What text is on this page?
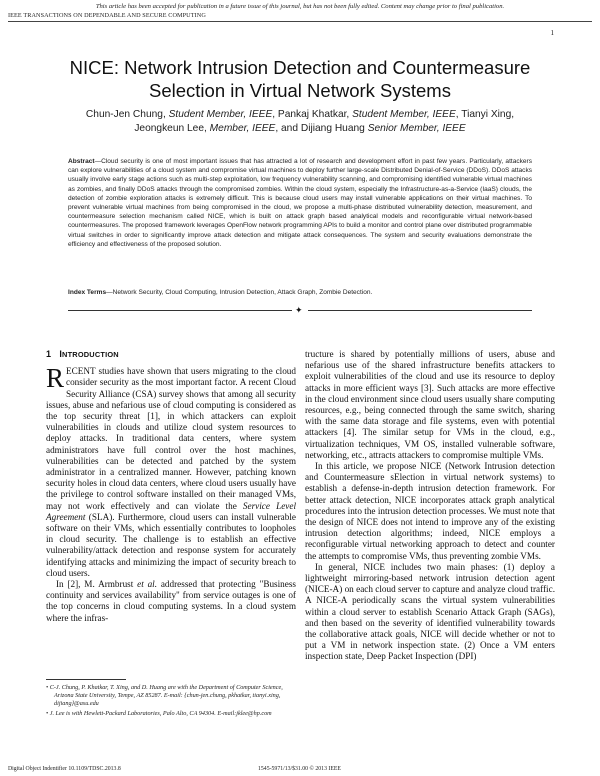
This article has been accepted for publication in a future issue of this journal, but has not been fully edited. Content may change prior to final publication.
IEEE TRANSACTIONS ON DEPENDABLE AND SECURE COMPUTING
1
NICE: Network Intrusion Detection and Countermeasure
Selection in Virtual Network Systems
Chun-Jen Chung, Student Member, IEEE, Pankaj Khatkar, Student Member, IEEE, Tianyi Xing,
Jeongkeun Lee, Member, IEEE, and Dijiang Huang Senior Member, IEEE
Abstract—Cloud security is one of most important issues that has attracted a lot of research and development effort in past few years. Particularly, attackers can explore vulnerabilities of a cloud system and compromise virtual machines to deploy further large-scale Distributed Denial-of-Service (DDoS). DDoS attacks usually involve early stage actions such as multi-step exploitation, low frequency vulnerability scanning, and compromising identified vulnerable virtual machines as zombies, and finally DDoS attacks through the compromised zombies. Within the cloud system, especially the Infrastructure-as-a-Service (IaaS) clouds, the detection of zombie exploration attacks is extremely difficult. This is because cloud users may install vulnerable applications on their virtual machines. To prevent vulnerable virtual machines from being compromised in the cloud, we propose a multi-phase distributed vulnerability detection, measurement, and countermeasure selection mechanism called NICE, which is built on attack graph based analytical models and reconfigurable virtual network-based countermeasures. The proposed framework leverages OpenFlow network programming APIs to build a monitor and control plane over distributed programmable virtual switches in order to significantly improve attack detection and mitigate attack consequences. The system and security evaluations demonstrate the efficiency and effectiveness of the proposed solution.
Index Terms—Network Security, Cloud Computing, Intrusion Detection, Attack Graph, Zombie Detection.
✦
1 INTRODUCTION
RECENT studies have shown that users migrating to the cloud consider security as the most important factor. A recent Cloud Security Alliance (CSA) survey shows that among all security issues, abuse and nefarious use of cloud computing is considered as the top security threat [1], in which attackers can exploit vulnerabilities in clouds and utilize cloud system resources to deploy attacks. In traditional data centers, where system administrators have full control over the host machines, vulnerabilities can be detected and patched by the system administrator in a centralized manner. However, patching known security holes in cloud data centers, where cloud users usually have the privilege to control software installed on their managed VMs, may not work effectively and can violate the Service Level Agreement (SLA). Furthermore, cloud users can install vulnerable software on their VMs, which essentially contributes to loopholes in cloud security. The challenge is to establish an effective vulnerability/attack detection and response system for accurately identifying attacks and minimizing the impact of security breach to cloud users.
In [2], M. Armbrust et al. addressed that protecting "Business continuity and services availability" from service outages is one of the top concerns in cloud computing systems. In a cloud system where the infras-
tructure is shared by potentially millions of users, abuse and nefarious use of the shared infrastructure benefits attackers to exploit vulnerabilities of the cloud and use its resource to deploy attacks in more efficient ways [3]. Such attacks are more effective in the cloud environment since cloud users usually share computing resources, e.g., being connected through the same switch, sharing with the same data storage and file systems, even with potential attackers [4]. The similar setup for VMs in the cloud, e.g., virtualization techniques, VM OS, installed vulnerable software, networking, etc., attracts attackers to compromise multiple VMs.
In this article, we propose NICE (Network Intrusion detection and Countermeasure sElection in virtual network systems) to establish a defense-in-depth intrusion detection framework. For better attack detection, NICE incorporates attack graph analytical procedures into the intrusion detection processes. We must note that the design of NICE does not intend to improve any of the existing intrusion detection algorithms; indeed, NICE employs a reconfigurable virtual networking approach to detect and counter the attempts to compromise VMs, thus preventing zombie VMs.
In general, NICE includes two main phases: (1) deploy a lightweight mirroring-based network intrusion detection agent (NICE-A) on each cloud server to capture and analyze cloud traffic. A NICE-A periodically scans the virtual system vulnerabilities within a cloud server to establish Scenario Attack Graph (SAGs), and then based on the severity of identified vulnerability towards the collaborative attack goals, NICE will decide whether or not to put a VM in network inspection state. (2) Once a VM enters inspection state, Deep Packet Inspection (DPI)
• C-J. Chung, P. Khatkar, T. Xing, and D. Huang are with the Department of Computer Science, Arizona State University, Tempe, AZ 85287. E-mail: {chun-jen.chung, pkhatkar, tianyi.xing, dijiang}@asu.edu
• J. Lee is with Hewlett-Packard Laboratories, Palo Alto, CA 94304. E-mail:jklee@hp.com
Digital Object Indentifier 10.1109/TDSC.2013.8	1545-5971/13/$31.00 © 2013 IEEE
